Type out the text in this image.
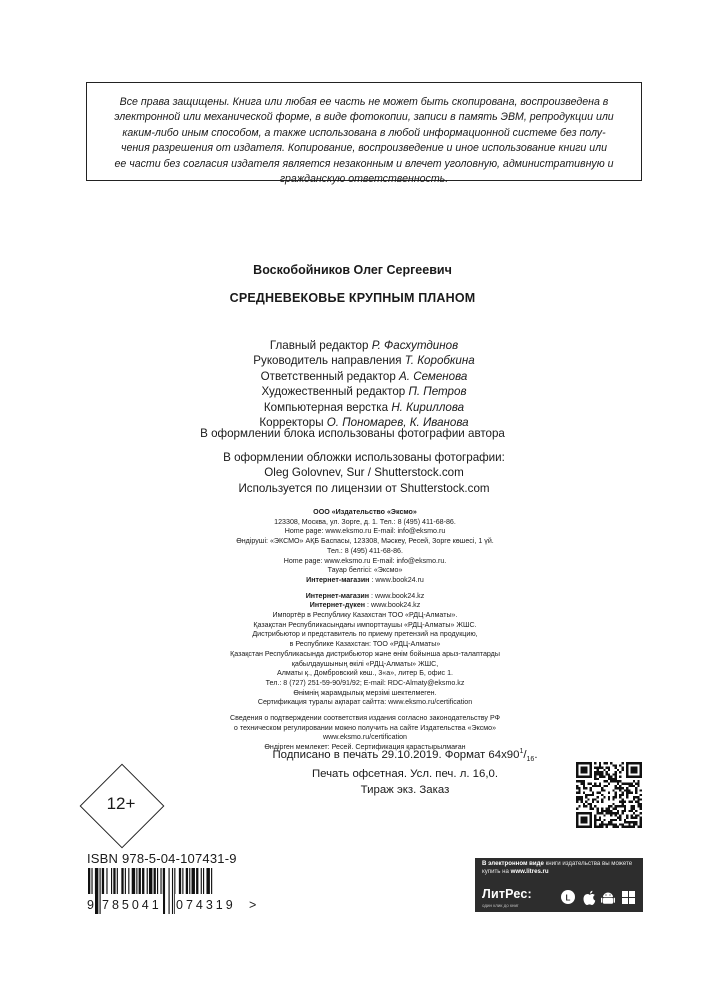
Все права защищены. Книга или любая ее часть не может быть скопирована, воспроизведена в

электронной или механической форме, в виде фотокопии, записи в память ЭВМ, репродукции или

каким-либо иным способом, а также использована в любой информационной системе без полу-

чения разрешения от издателя. Копирование, воспроизведение и иное использование книги или

ее части без согласия издателя является незаконным и влечет уголовную, административную и

гражданскую ответственность.

Воскобойников Олег Сергеевич
СРЕДНЕВЕКОВЬЕ КРУПНЫМ ПЛАНОМ
Главный редактор Р. Фасхутдинов
Руководитель направления Т. Коробкина
Ответственный редактор А. Семенова
Художественный редактор П. Петров
Компьютерная верстка Н. Кириллова
Корректоры О. Пономарев, К. Иванова
В оформлении блока использованы фотографии автора
В оформлении обложки использованы фотографии:
Oleg Golovnev, Sur / Shutterstock.com
Используется по лицензии от Shutterstock.com
ООО «Издательство «Эксмо»
123308, Москва, ул. Зорге, д. 1. Тел.: 8 (495) 411-68-86.
Home page: www.eksmo.ru E-mail: info@eksmo.ru
Өндіруші: «ЭКСМО» АҚБ Баспасы, 123308, Мәскеу, Ресей, Зорге көшесі, 1 үй.
Тел.: 8 (495) 411-68-86.
Home page: www.eksmo.ru E-mail: info@eksmo.ru.
Тауар белгісі: «Эксмо»
Интернет-магазин : www.book24.ru
Интернет-магазин : www.book24.kz
Интернет-дүкен : www.book24.kz
Импортёр в Республику Казахстан ТОО «РДЦ-Алматы».
Қазақстан Республикасындағы импорттаушы «РДЦ-Алматы» ЖШС.
Дистрибьютор и представитель по приему претензий на продукцию,
в Республике Казахстан: ТОО «РДЦ-Алматы»
Қазақстан Республикасында дистрибьютор және өнім бойынша арыз-талаптарды
қабылдаушының өкілі «РДЦ-Алматы» ЖШС,
Алматы қ., Домбровский көш., 3«а», литер Б, офис 1.
Тел.: 8 (727) 251-59-90/91/92; E-mail: RDC-Almaty@eksmo.kz
Өнімнің жарамдылық мерзімі шектелмеген.
Сертификация туралы ақпарат сайтта: www.eksmo.ru/certification
Сведения о подтверждении соответствия издания согласно законодательству РФ
о техническом регулировании можно получить на сайте Издательства «Эксмо»
www.eksmo.ru/certification
Өндірген мемлекет: Ресей. Сертификация қарастырылмаған
Подписано в печать 29.10.2019. Формат $64х90^1/_{16}$.
Печать офсетная. Усл. печ. л. 16,0.
Тираж экз. Заказ
12+
ISBN 978-5-04-107431-9
9 785041 074319 >
В электронном виде книги издательства вы можете
купить на www.litres.ru
ЛитРес:
один клик до книг
L
